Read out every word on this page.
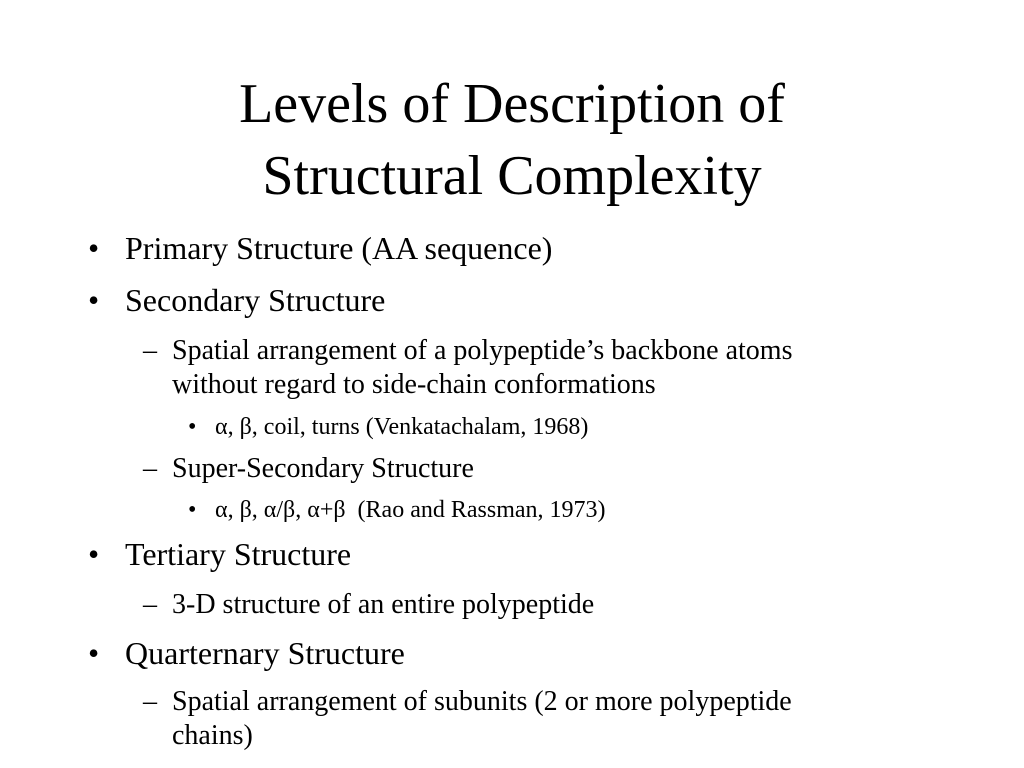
Levels of Description of
Structural Complexity
• Primary Structure (AA sequence)
• Secondary Structure
– Spatial arrangement of a polypeptide’s backbone atoms
without regard to side-chain conformations
• α, β, coil, turns (Venkatachalam, 1968)
– Super-Secondary Structure
• α, β, α/β, α+β  (Rao and Rassman, 1973)
• Tertiary Structure
– 3-D structure of an entire polypeptide
• Quarternary Structure
– Spatial arrangement of subunits (2 or more polypeptide
chains)
